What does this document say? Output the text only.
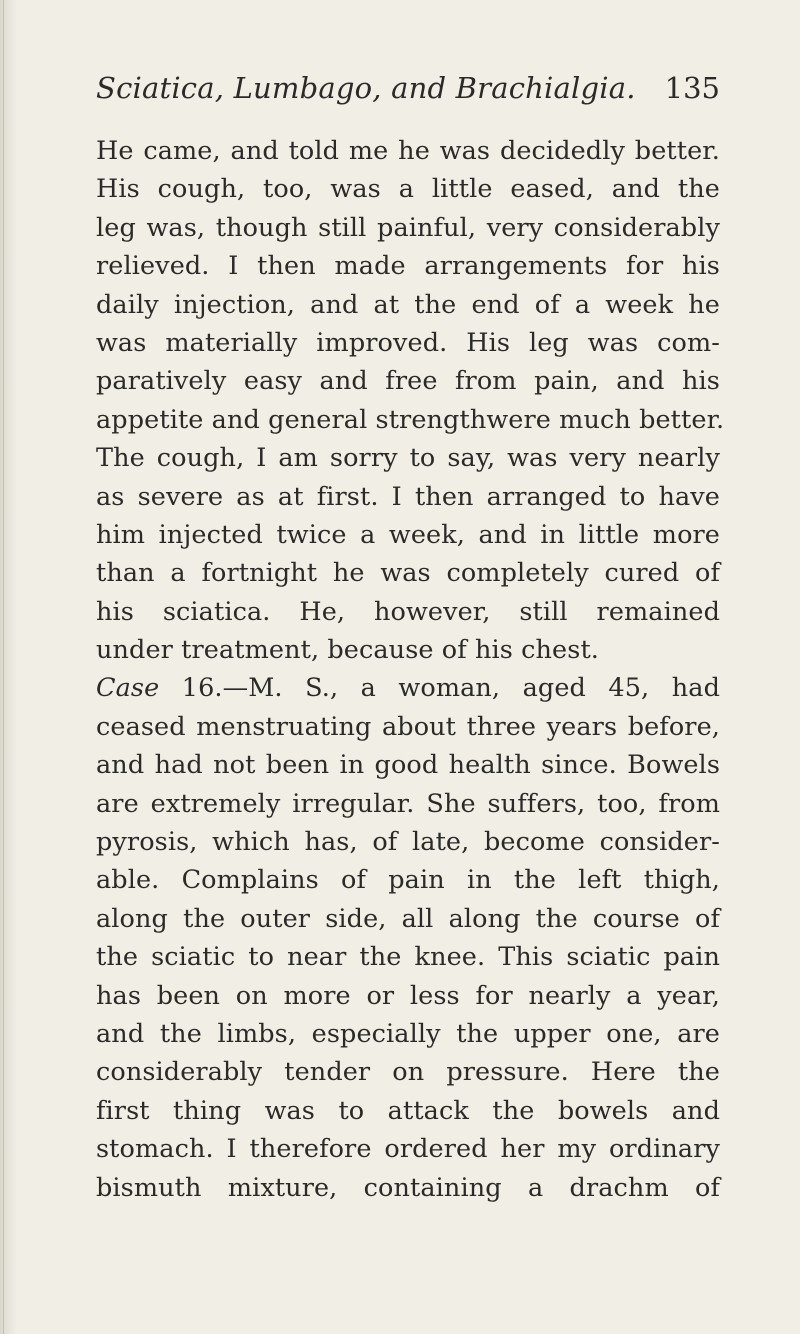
Sciatica, Lumbago, and Brachialgia. 135
He came, and told me he was decidedly better.
His cough, too, was a little eased, and the
leg was, though still painful, very considerably
relieved. I then made arrangements for his
daily injection, and at the end of a week he
was materially improved. His leg was com-
paratively easy and free from pain, and his
appetite and general strengthwere much better.
The cough, I am sorry to say, was very nearly
as severe as at first. I then arranged to have
him injected twice a week, and in little more
than a fortnight he was completely cured of
his sciatica. He, however, still remained
under treatment, because of his chest.
Case 16.—M. S., a woman, aged 45, had
ceased menstruating about three years before,
and had not been in good health since. Bowels
are extremely irregular. She suffers, too, from
pyrosis, which has, of late, become consider-
able. Complains of pain in the left thigh,
along the outer side, all along the course of
the sciatic to near the knee. This sciatic pain
has been on more or less for nearly a year,
and the limbs, especially the upper one, are
considerably tender on pressure. Here the
first thing was to attack the bowels and
stomach. I therefore ordered her my ordinary
bismuth mixture, containing a drachm of
